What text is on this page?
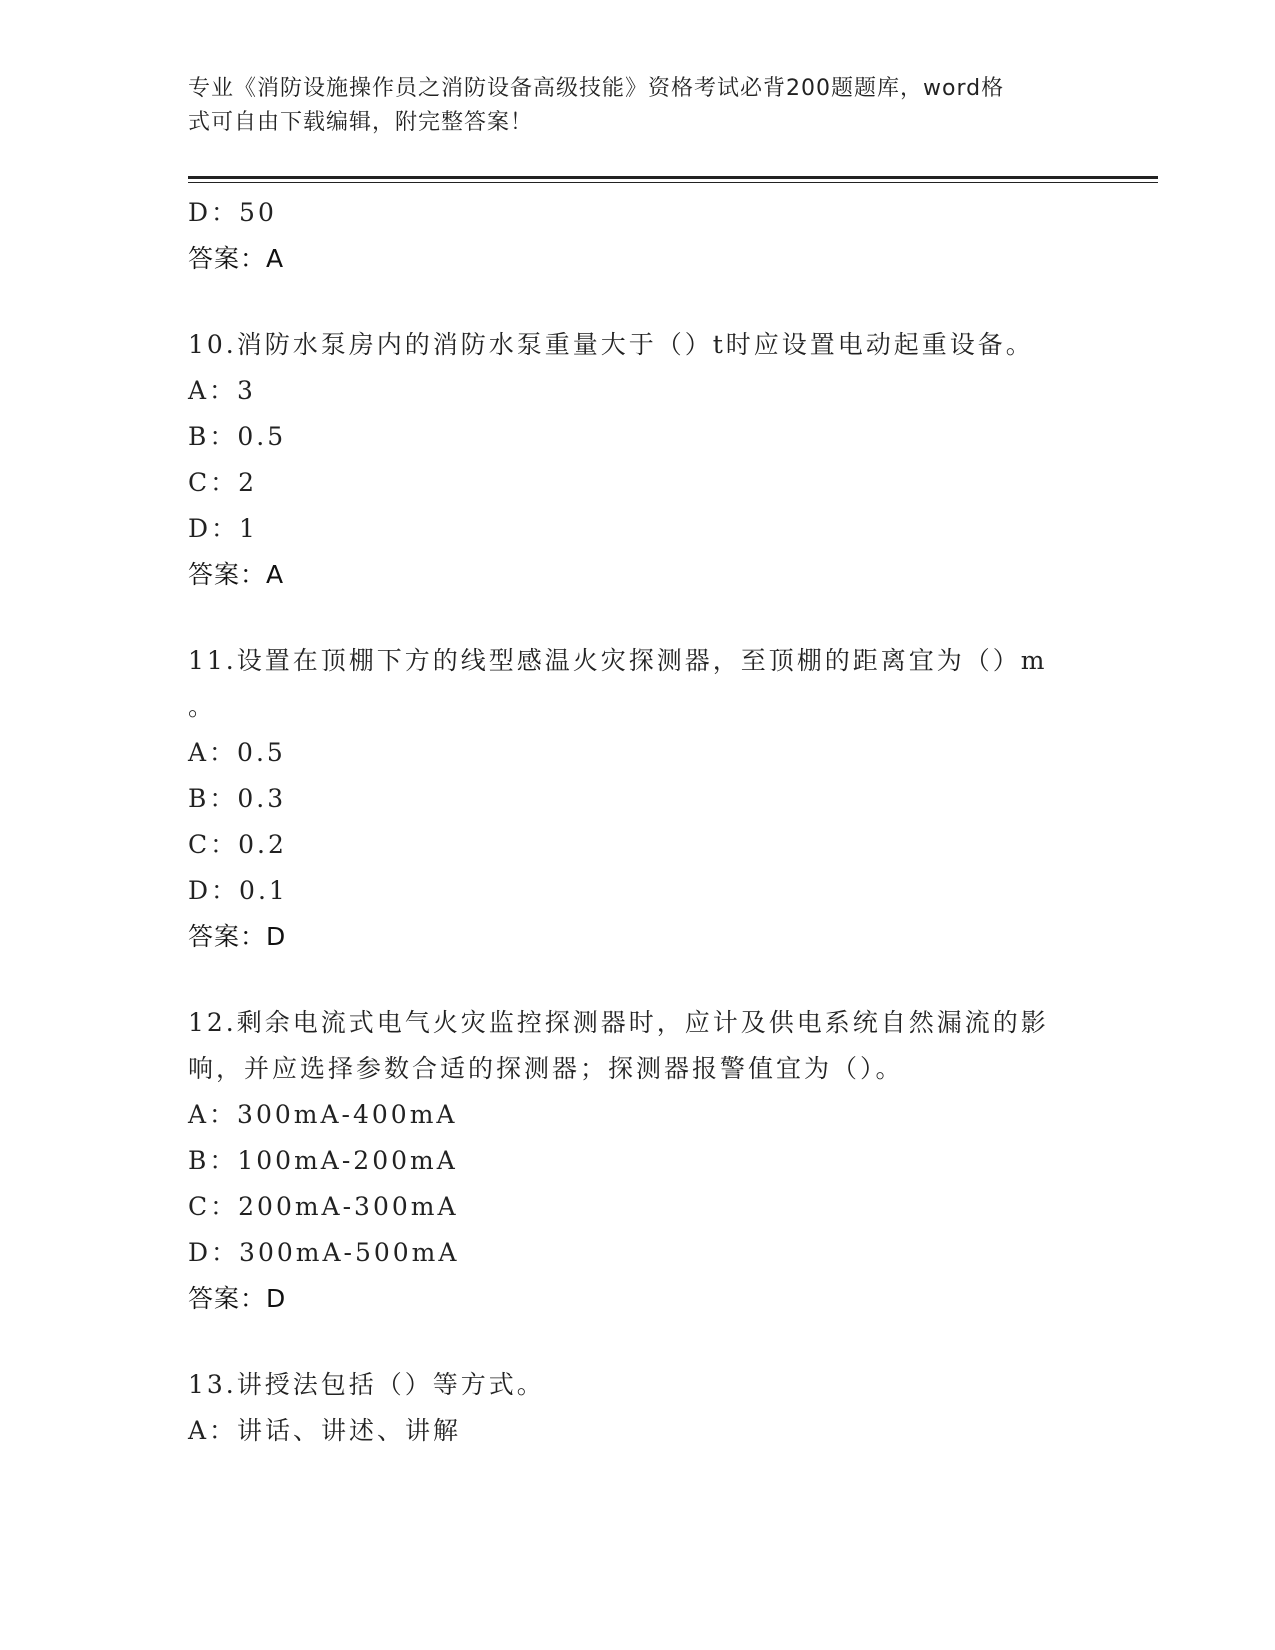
专业《消防设施操作员之消防设备高级技能》资格考试必背200题题库，word格
式可自由下载编辑，附完整答案！
D：50
答案：A
10.消防水泵房内的消防水泵重量大于（）t时应设置电动起重设备。
A：3
B：0.5
C：2
D：1
答案：A
11.设置在顶棚下方的线型感温火灾探测器，至顶棚的距离宜为（）m
。
A：0.5
B：0.3
C：0.2
D：0.1
答案：D
12.剩余电流式电气火灾监控探测器时，应计及供电系统自然漏流的影
响，并应选择参数合适的探测器；探测器报警值宜为（）。
A：300mA-400mA
B：100mA-200mA
C：200mA-300mA
D：300mA-500mA
答案：D
13.讲授法包括（）等方式。
A：讲话、讲述、讲解
